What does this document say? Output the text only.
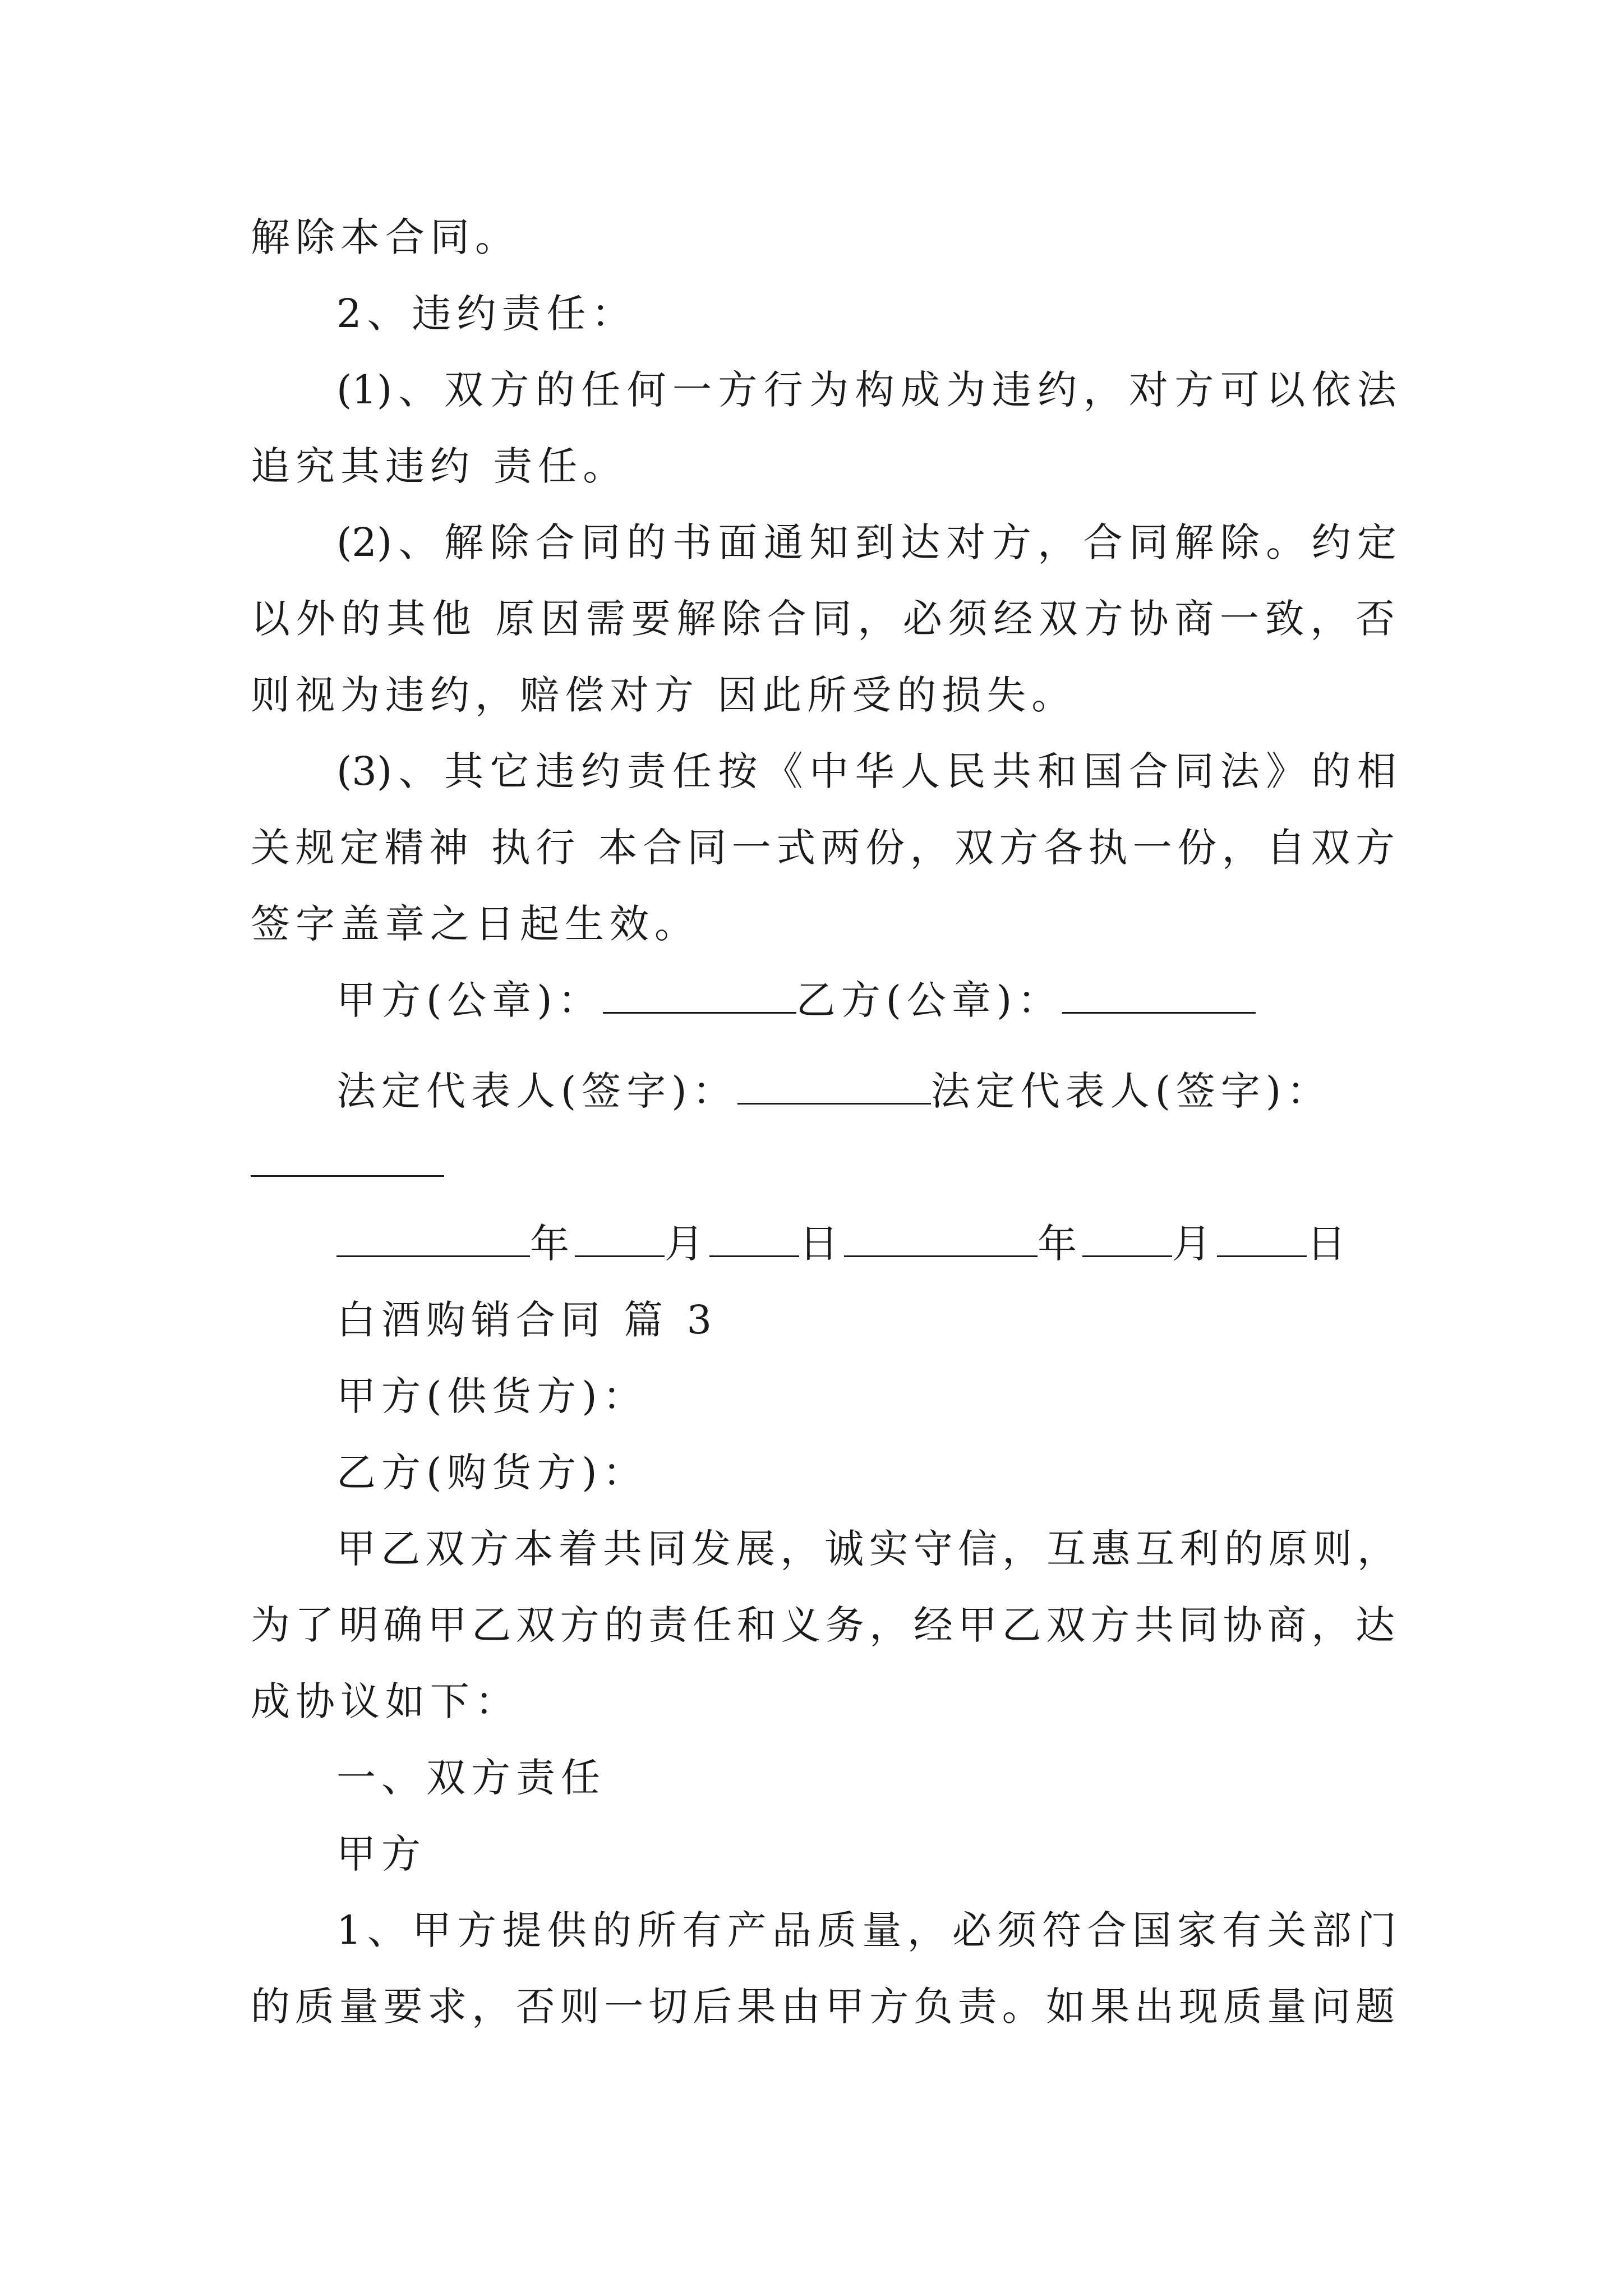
解除本合同。

2、违约责任：

(1)、双方的任何一方行为构成为违约，对方可以依法

追究其违约 责任。

(2)、解除合同的书面通知到达对方，合同解除。约定

以外的其他 原因需要解除合同，必须经双方协商一致，否

则视为违约，赔偿对方 因此所受的损失。

(3)、其它违约责任按《中华人民共和国合同法》的相

关规定精神 执行 本合同一式两份，双方各执一份，自双方

签字盖章之日起生效。

甲方(公章)：	乙方(公章)：

法定代表人(签字)：	法定代表人(签字)：

年 月 日	年 月 日

白酒购销合同 篇 3

甲方(供货方)：

乙方(购货方)：

甲乙双方本着共同发展，诚实守信，互惠互利的原则，

为了明确甲乙双方的责任和义务，经甲乙双方共同协商，达

成协议如下：

一、双方责任

甲方

1、甲方提供的所有产品质量，必须符合国家有关部门

的质量要求，否则一切后果由甲方负责。如果出现质量问题
